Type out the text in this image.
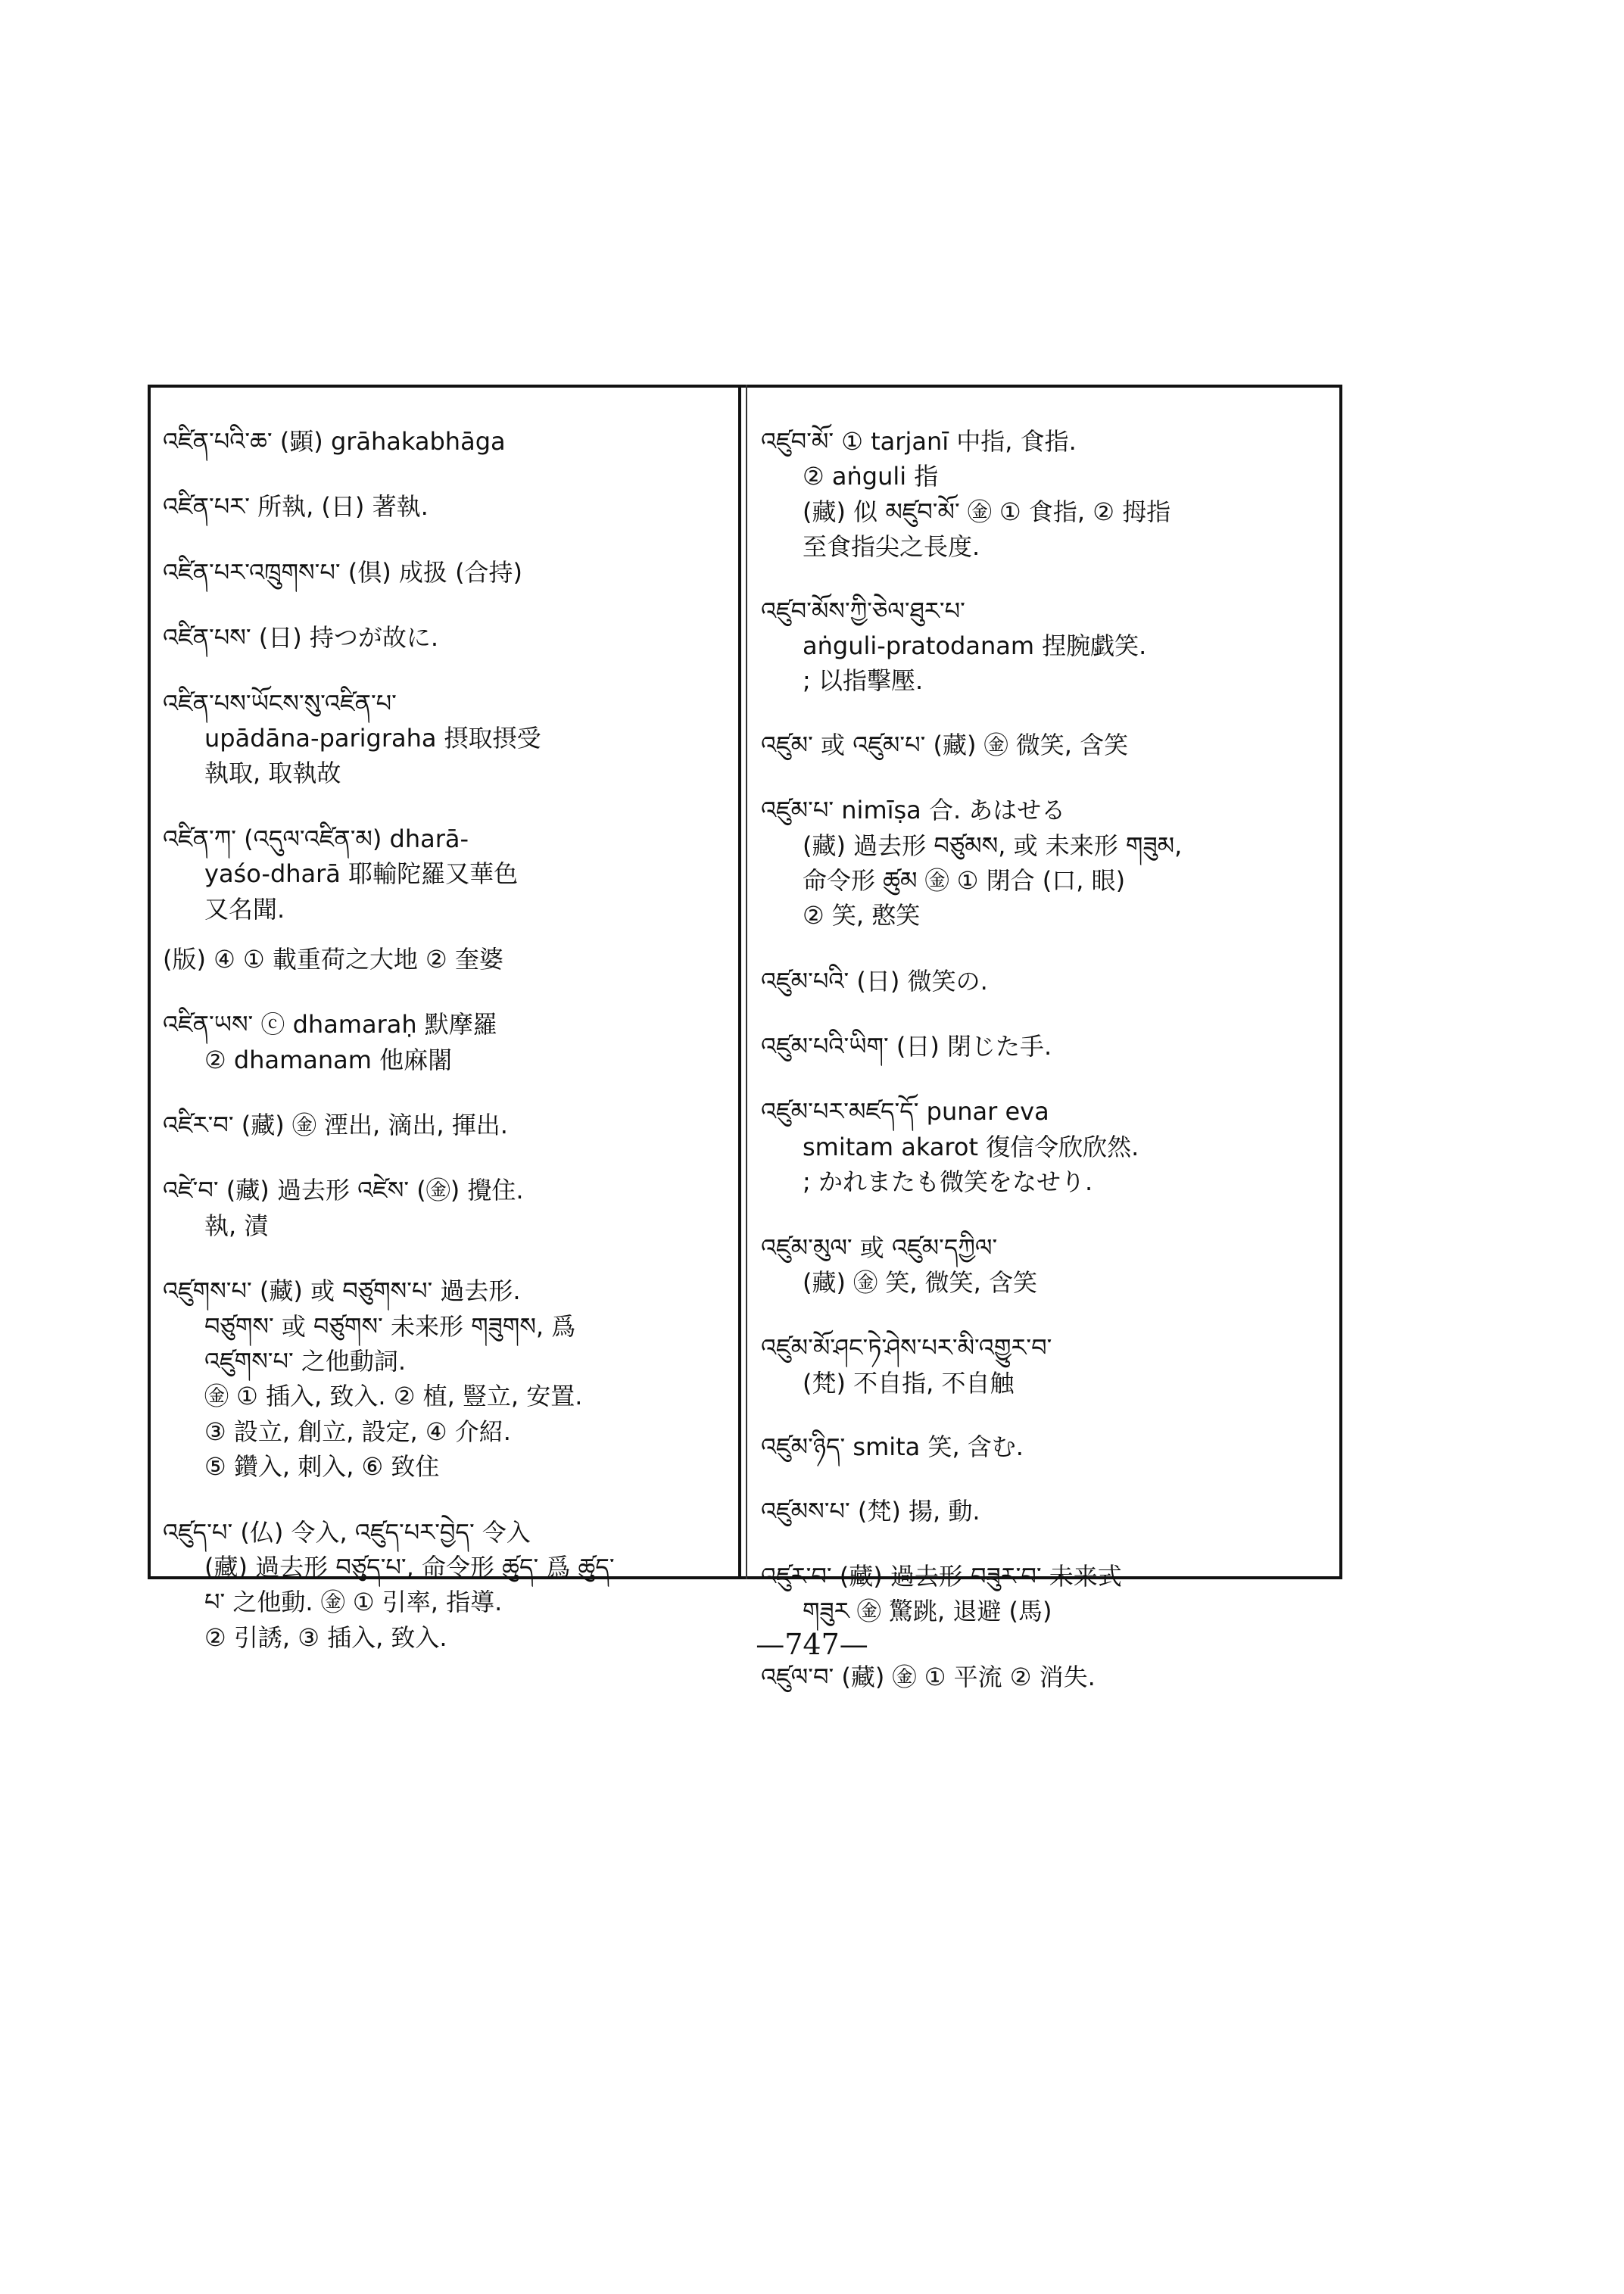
འཛིན་པའི་ཆ་ (顕) grāhakabhāga
འཛིན་པར་ 所執, (日) 著執.
འཛིན་པར་འཁྲུགས་པ་ (倶) 成扱 (合持)
འཛིན་པས་ (日) 持つが故に.
འཛིན་པས་ཡོངས་སུ་འཛིན་པ་
upādāna-parigraha 摂取摂受
執取, 取執故
འཛིན་ཀ་ (འདུལ་འཛིན་མ) dharā-
yaśo-dharā 耶輸陀羅又華色
又名聞.
(版) ④ ① 載重荷之大地 ② 奎婆
འཛིན་ཡས་ ⓒ dhamaraḥ 默摩羅
② dhamanam 他麻闍
འཛིར་བ་ (藏) ㊎ 湮出, 滴出, 揮出.
འཛེ་བ་ (藏) 過去形 འཛེས་ (㊎) 攪住.
執, 漬
འཛུགས་པ་ (藏) 或 བཙུགས་པ་ 過去形.
བཙུགས་ 或 བཙུགས་ 未来形 གཟུགས, 爲
འཛུགས་པ་ 之他動詞.
㊎ ① 插入, 致入. ② 植, 豎立, 安置.
③ 設立, 創立, 設定, ④ 介紹.
⑤ 鑽入, 刺入, ⑥ 致住
འཛུད་པ་ (仏) 令入, འཛུད་པར་བྱེད་ 令入
(藏) 過去形 བཙུད་པ་, 命令形 ཚུད་ 爲 ཚུད་
པ་ 之他動. ㊎ ① 引率, 指導.
② 引誘, ③ 插入, 致入.
འཛུབ་མོ་ ① tarjanī 中指, 食指.
② aṅguli 指
(藏) 似 མཛུབ་མོ་ ㊎ ① 食指, ② 拇指
至食指尖之長度.
འཛུབ་མོས་ཀྱི་ཅེལ་ཐུར་པ་
aṅguli-pratodanam 捏腕戯笑.
; 以指擊壓.
འཛུམ་ 或 འཛུམ་པ་ (藏) ㊎ 微笑, 含笑
འཛུམ་པ་ nimīṣa 合. あはせる
(藏) 過去形 བཙུམས, 或 未来形 གཟུམ,
命令形 ཚུམ ㊎ ① 閉合 (口, 眼)
② 笑, 憨笑
འཛུམ་པའི་ (日) 微笑の.
འཛུམ་པའི་ཡིག་ (日) 閉じた手.
འཛུམ་པར་མཛད་དོ་ punar eva
smitam akarot 復信令欣欣然.
; かれまたも微笑をなせり.
འཛུམ་མུལ་ 或 འཛུམ་དཀྱིལ་
(藏) ㊎ 笑, 微笑, 含笑
འཛུམ་མོ་ཤང་ཏེ་ཤེས་པར་མི་འགྱུར་བ་
(梵) 不自指, 不自触
འཛུམ་ཉིད་ smita 笑, 含む.
འཛུམས་པ་ (梵) 揚, 動.
འཛུར་བ་ (藏) 過去形 བཟུར་བ་ 未来式
གཟུར ㊎ 驚跳, 退避 (馬)
འཛུལ་བ་ (藏) ㊎ ① 平流 ② 消失.
—747—
